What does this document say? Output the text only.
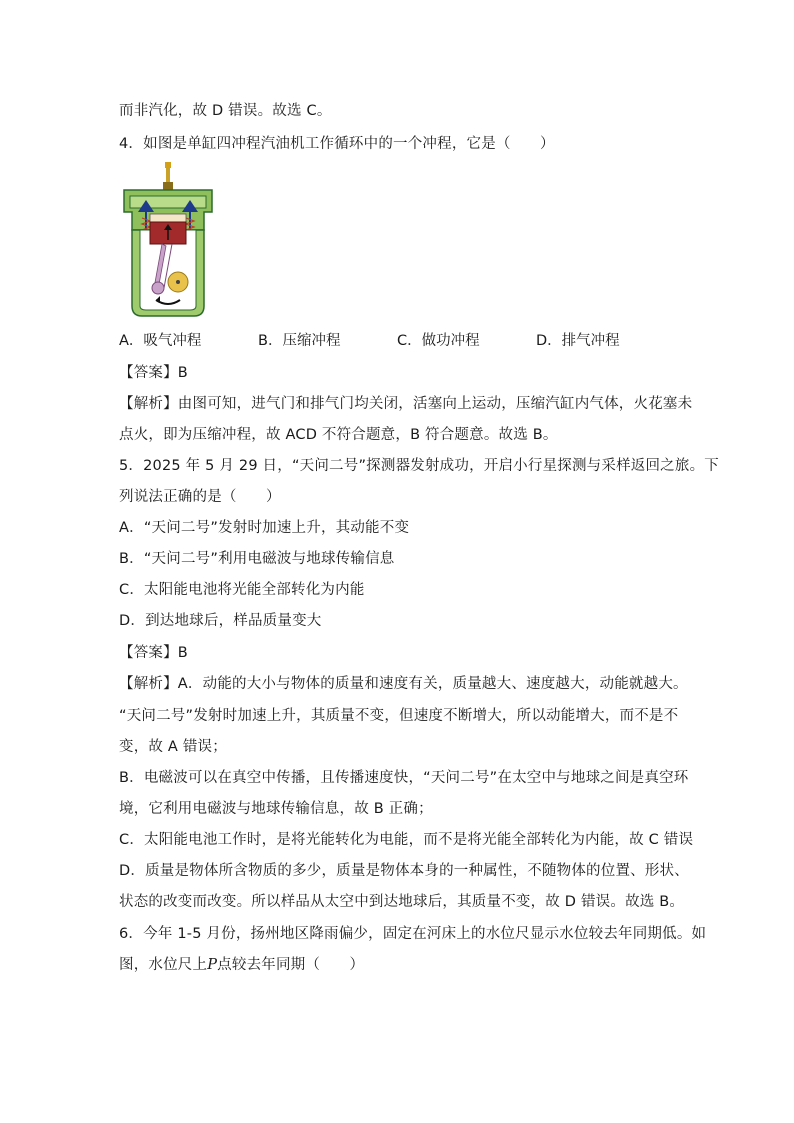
而非汽化，故 D 错误。故选 C。
4．如图是单缸四冲程汽油机工作循环中的一个冲程，它是（　　）
A．吸气冲程	B．压缩冲程	C．做功冲程	D．排气冲程
【答案】B
【解析】由图可知，进气门和排气门均关闭，活塞向上运动，压缩汽缸内气体，火花塞未
点火，即为压缩冲程，故 ACD 不符合题意，B 符合题意。故选 B。
5．2025 年 5 月 29 日，“天问二号”探测器发射成功，开启小行星探测与采样返回之旅。下
列说法正确的是（　　）
A．“天问二号”发射时加速上升，其动能不变
B．“天问二号”利用电磁波与地球传输信息
C．太阳能电池将光能全部转化为内能
D．到达地球后，样品质量变大
【答案】B
【解析】A．动能的大小与物体的质量和速度有关，质量越大、速度越大，动能就越大。
“天问二号”发射时加速上升，其质量不变，但速度不断增大，所以动能增大，而不是不
变，故 A 错误；
B．电磁波可以在真空中传播，且传播速度快，“天问二号”在太空中与地球之间是真空环
境，它利用电磁波与地球传输信息，故 B 正确；
C．太阳能电池工作时，是将光能转化为电能，而不是将光能全部转化为内能，故 C 错误
D．质量是物体所含物质的多少，质量是物体本身的一种属性，不随物体的位置、形状、
状态的改变而改变。所以样品从太空中到达地球后，其质量不变，故 D 错误。故选 B。
6．今年 1-5 月份，扬州地区降雨偏少，固定在河床上的水位尺显示水位较去年同期低。如
图，水位尺上P点较去年同期（　　）
